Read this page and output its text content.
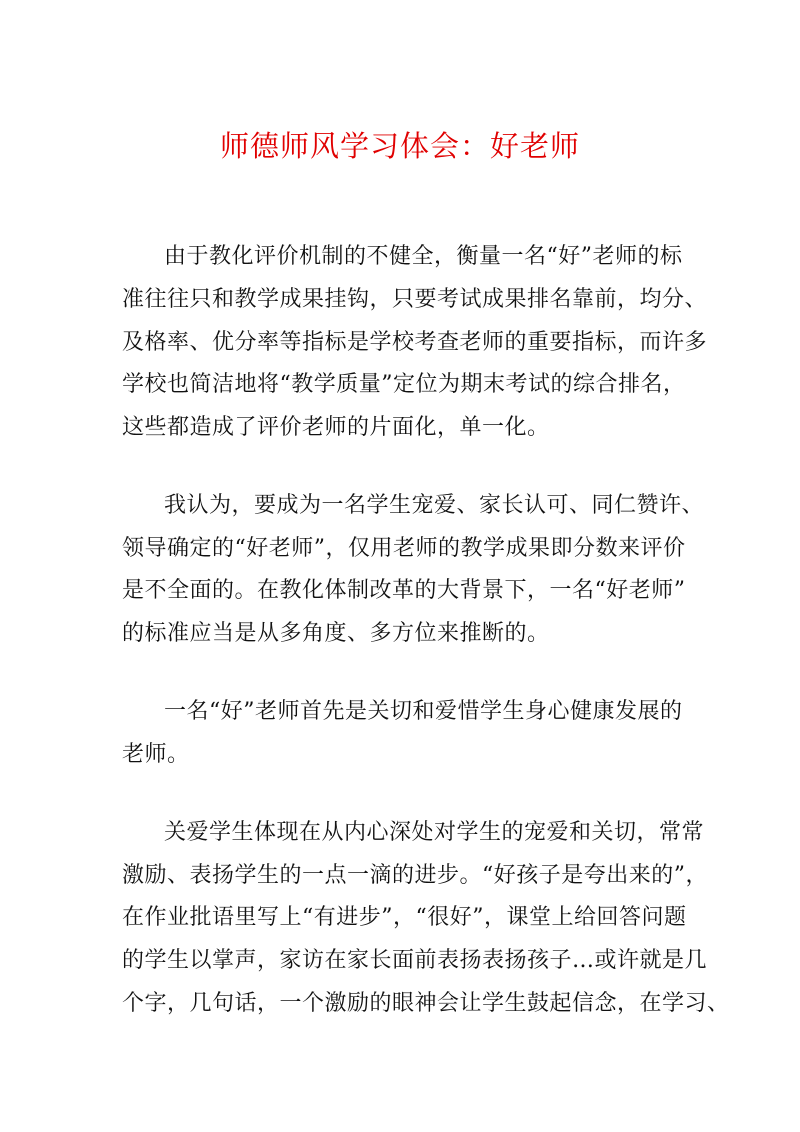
师德师风学习体会：好老师

由于教化评价机制的不健全，衡量一名“好”老师的标

准往往只和教学成果挂钩，只要考试成果排名靠前，均分、

及格率、优分率等指标是学校考查老师的重要指标，而许多

学校也简洁地将“教学质量”定位为期末考试的综合排名，

这些都造成了评价老师的片面化，单一化。

我认为，要成为一名学生宠爱、家长认可、同仁赞许、

领导确定的“好老师”，仅用老师的教学成果即分数来评价

是不全面的。在教化体制改革的大背景下，一名“好老师”

的标准应当是从多角度、多方位来推断的。

一名“好”老师首先是关切和爱惜学生身心健康发展的

老师。

关爱学生体现在从内心深处对学生的宠爱和关切，常常

激励、表扬学生的一点一滴的进步。“好孩子是夸出来的”，

在作业批语里写上“有进步”，“很好”，课堂上给回答问题

的学生以掌声，家访在家长面前表扬表扬孩子…或许就是几

个字，几句话，一个激励的眼神会让学生鼓起信念，在学习、
